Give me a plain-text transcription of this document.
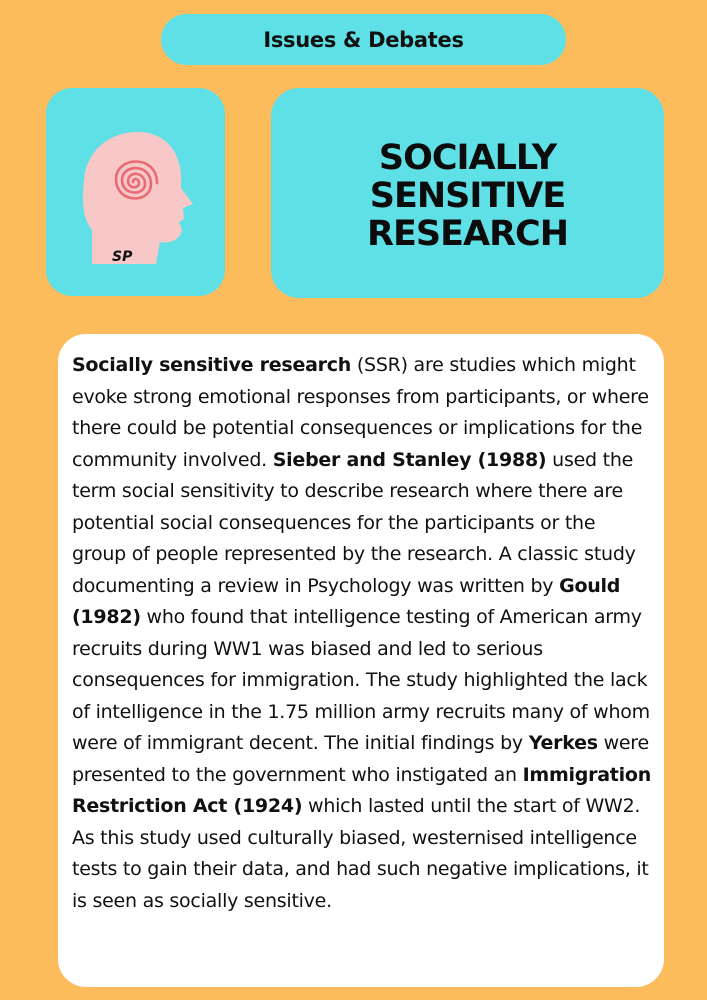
Issues & Debates
SP
SOCIALLY
SENSITIVE
RESEARCH

Socially sensitive research (SSR) are studies which might evoke strong emotional responses from participants, or where there could be potential consequences or implications for the community involved. Sieber and Stanley (1988) used the term social sensitivity to describe research where there are potential social consequences for the participants or the group of people represented by the research. A classic study documenting a review in Psychology was written by Gould (1982) who found that intelligence testing of American army recruits during WW1 was biased and led to serious consequences for immigration. The study highlighted the lack of intelligence in the 1.75 million army recruits many of whom were of immigrant decent. The initial findings by Yerkes were presented to the government who instigated an Immigration Restriction Act (1924) which lasted until the start of WW2. As this study used culturally biased, westernised intelligence tests to gain their data, and had such negative implications, it is seen as socially sensitive.
